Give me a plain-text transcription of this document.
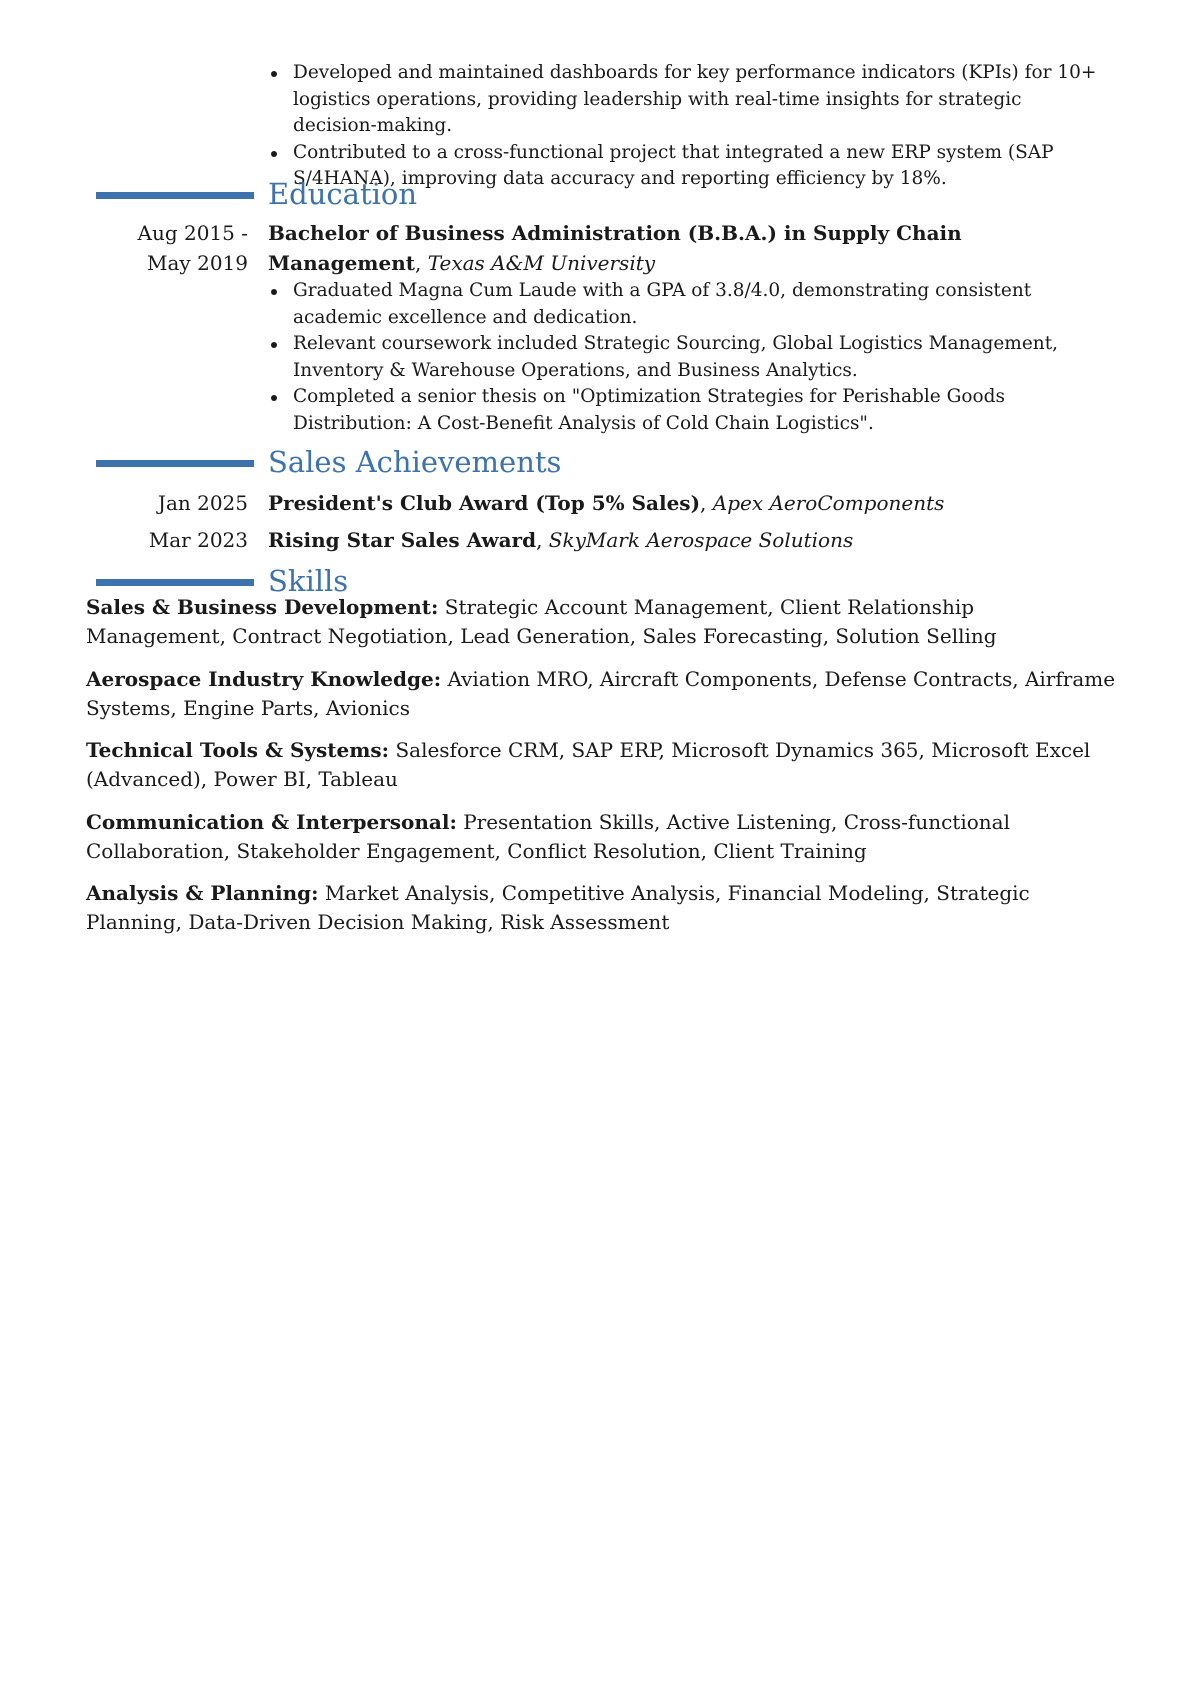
Developed and maintained dashboards for key performance indicators (KPIs) for 10+ logistics operations, providing leadership with real-time insights for strategic decision-making.
Contributed to a cross-functional project that integrated a new ERP system (SAP S/4HANA), improving data accuracy and reporting efficiency by 18%.
Education
Aug 2015 - May 2019
Bachelor of Business Administration (B.B.A.) in Supply Chain Management, Texas A&M University
Graduated Magna Cum Laude with a GPA of 3.8/4.0, demonstrating consistent academic excellence and dedication.
Relevant coursework included Strategic Sourcing, Global Logistics Management, Inventory & Warehouse Operations, and Business Analytics.
Completed a senior thesis on "Optimization Strategies for Perishable Goods Distribution: A Cost-Benefit Analysis of Cold Chain Logistics".
Sales Achievements
Jan 2025 President's Club Award (Top 5% Sales), Apex AeroComponents
Mar 2023 Rising Star Sales Award, SkyMark Aerospace Solutions
Skills
Sales & Business Development: Strategic Account Management, Client Relationship Management, Contract Negotiation, Lead Generation, Sales Forecasting, Solution Selling
Aerospace Industry Knowledge: Aviation MRO, Aircraft Components, Defense Contracts, Airframe Systems, Engine Parts, Avionics
Technical Tools & Systems: Salesforce CRM, SAP ERP, Microsoft Dynamics 365, Microsoft Excel (Advanced), Power BI, Tableau
Communication & Interpersonal: Presentation Skills, Active Listening, Cross-functional Collaboration, Stakeholder Engagement, Conflict Resolution, Client Training
Analysis & Planning: Market Analysis, Competitive Analysis, Financial Modeling, Strategic Planning, Data-Driven Decision Making, Risk Assessment
